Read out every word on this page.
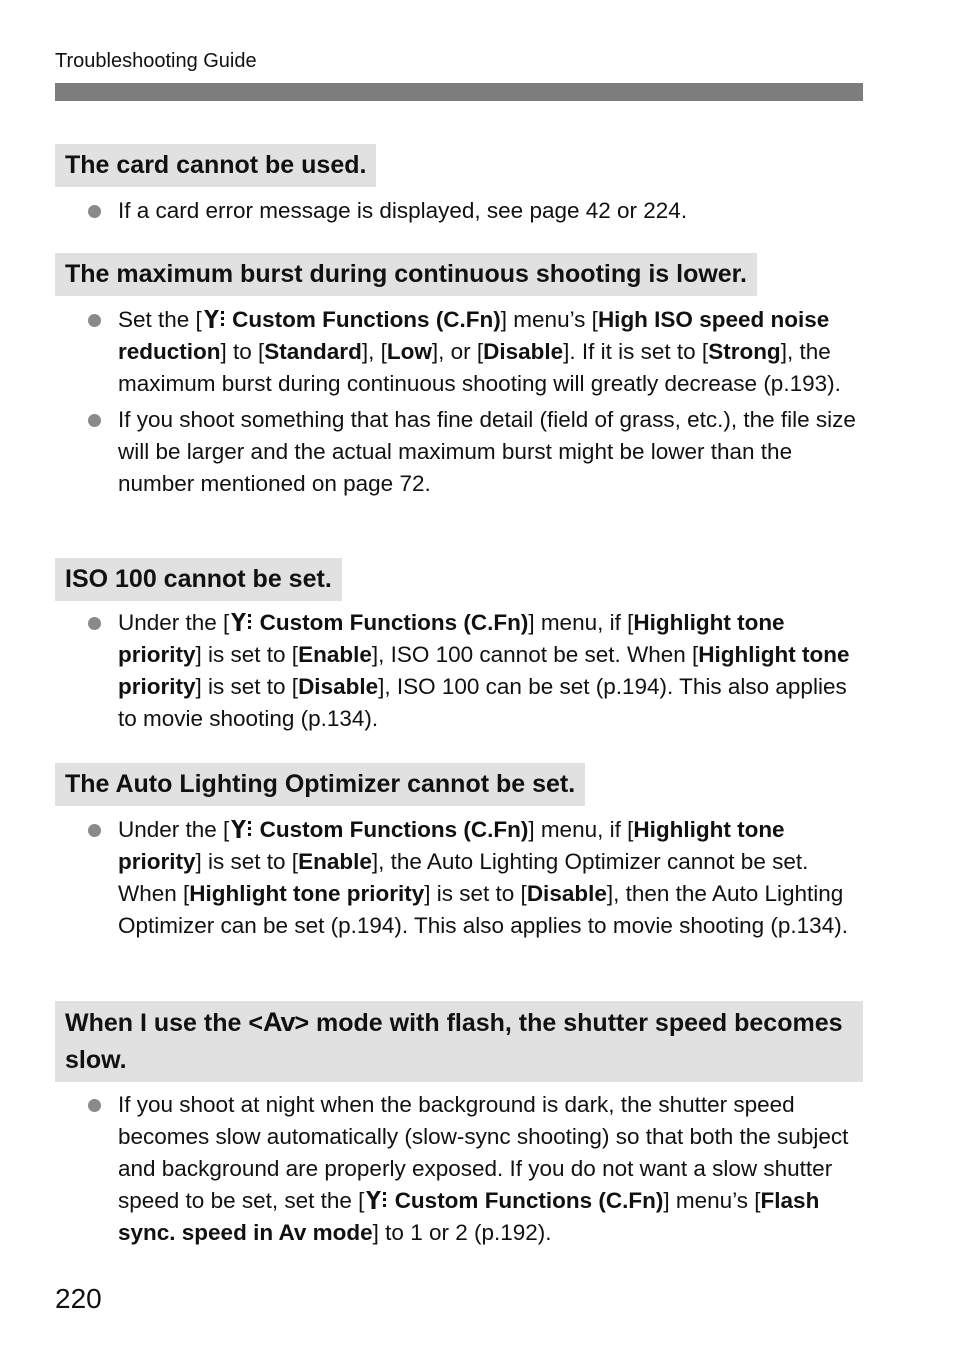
Troubleshooting Guide
The card cannot be used.
If a card error message is displayed, see page 42 or 224.
The maximum burst during continuous shooting is lower.
Set the [ Custom Functions (C.Fn)] menu’s [High ISO speed noise reduction] to [Standard], [Low], or [Disable]. If it is set to [Strong], the maximum burst during continuous shooting will greatly decrease (p.193).
If you shoot something that has fine detail (field of grass, etc.), the file size will be larger and the actual maximum burst might be lower than the number mentioned on page 72.
ISO 100 cannot be set.
Under the [ Custom Functions (C.Fn)] menu, if [Highlight tone priority] is set to [Enable], ISO 100 cannot be set. When [Highlight tone priority] is set to [Disable], ISO 100 can be set (p.194). This also applies to movie shooting (p.134).
The Auto Lighting Optimizer cannot be set.
Under the [ Custom Functions (C.Fn)] menu, if [Highlight tone priority] is set to [Enable], the Auto Lighting Optimizer cannot be set. When [Highlight tone priority] is set to [Disable], then the Auto Lighting Optimizer can be set (p.194). This also applies to movie shooting (p.134).
When I use the <Av> mode with flash, the shutter speed becomes slow.
If you shoot at night when the background is dark, the shutter speed becomes slow automatically (slow-sync shooting) so that both the subject and background are properly exposed. If you do not want a slow shutter speed to be set, set the [ Custom Functions (C.Fn)] menu’s [Flash sync. speed in Av mode] to 1 or 2 (p.192).
220
